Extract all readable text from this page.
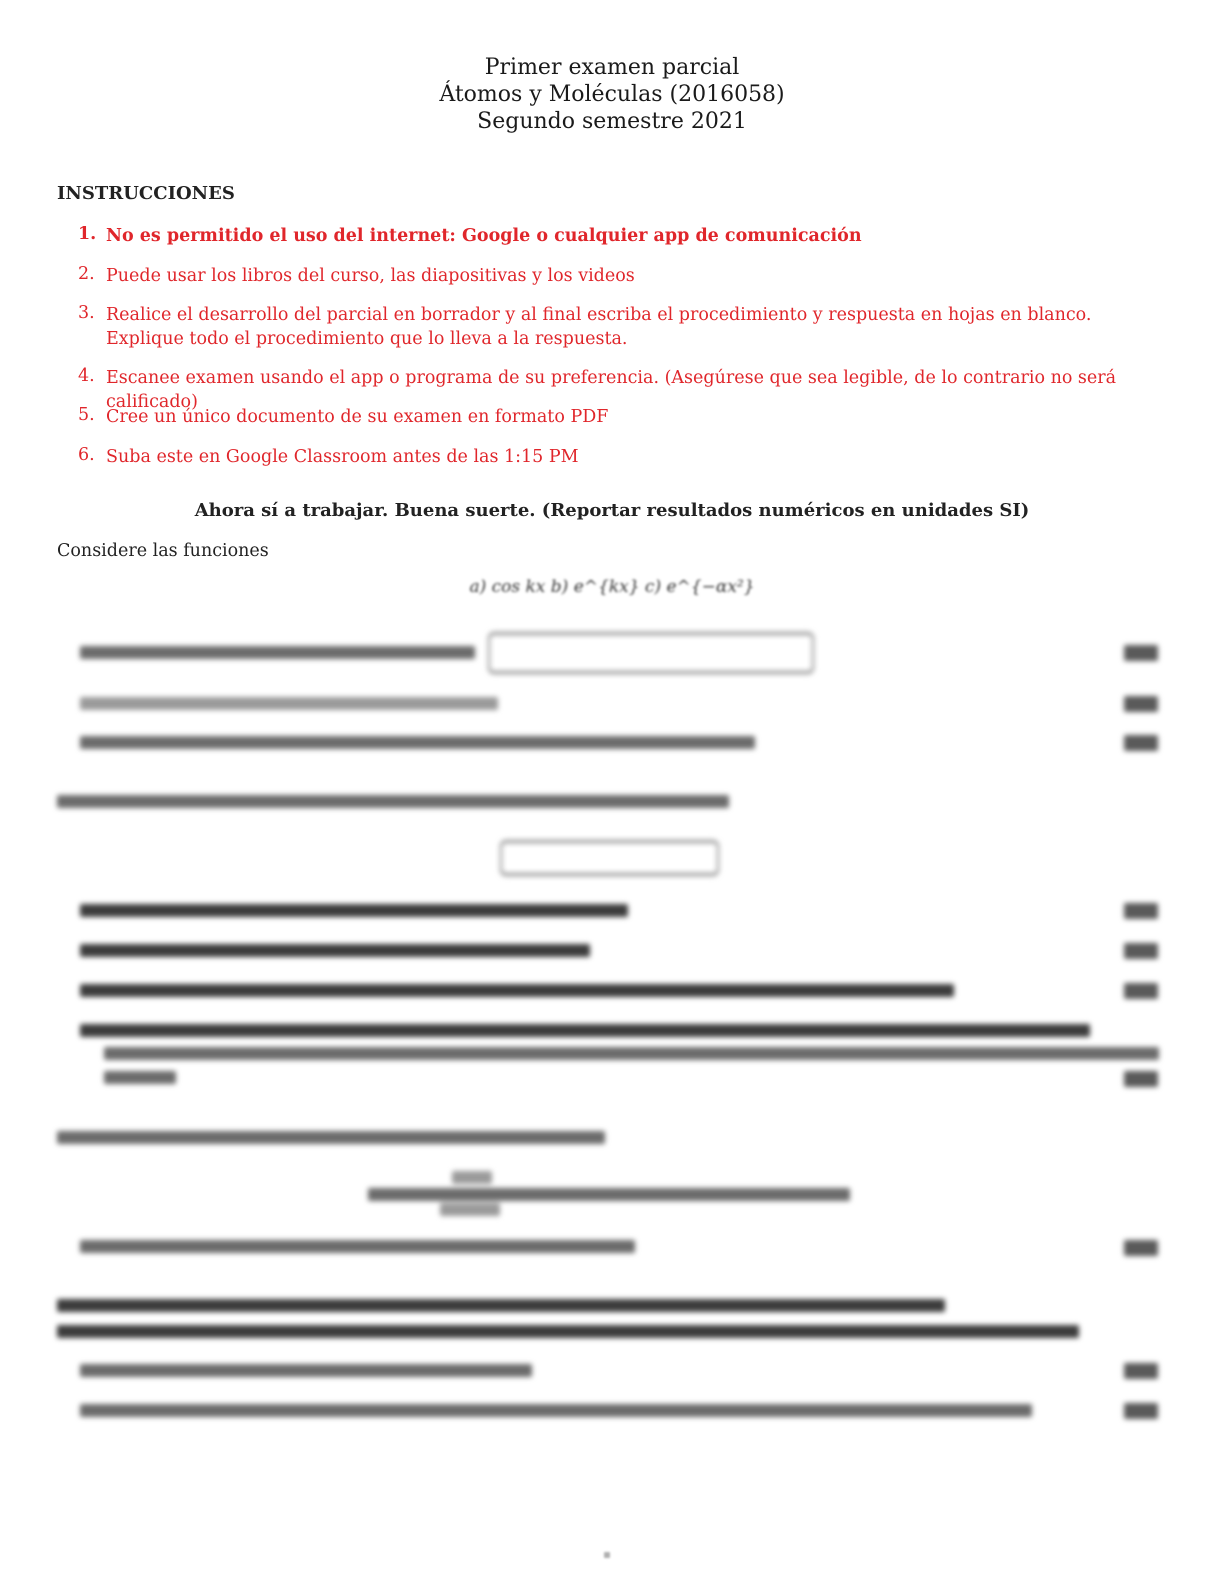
Primer examen parcial
Átomos y Moléculas (2016058)
Segundo semestre 2021
INSTRUCCIONES
1. No es permitido el uso del internet: Google o cualquier app de comunicación
2. Puede usar los libros del curso, las diapositivas y los videos
3. Realice el desarrollo del parcial en borrador y al final escriba el procedimiento y respuesta en hojas en blanco. Explique todo el procedimiento que lo lleva a la respuesta.
4. Escanee examen usando el app o programa de su preferencia. (Asegúrese que sea legible, de lo contrario no será calificado)
5. Cree un único documento de su examen en formato PDF
6. Suba este en Google Classroom antes de las 1:15 PM
Ahora sí a trabajar. Buena suerte. (Reportar resultados numéricos en unidades SI)
Considere las funciones
a) cos kx b) e^{kx} c) e^{−αx²}
